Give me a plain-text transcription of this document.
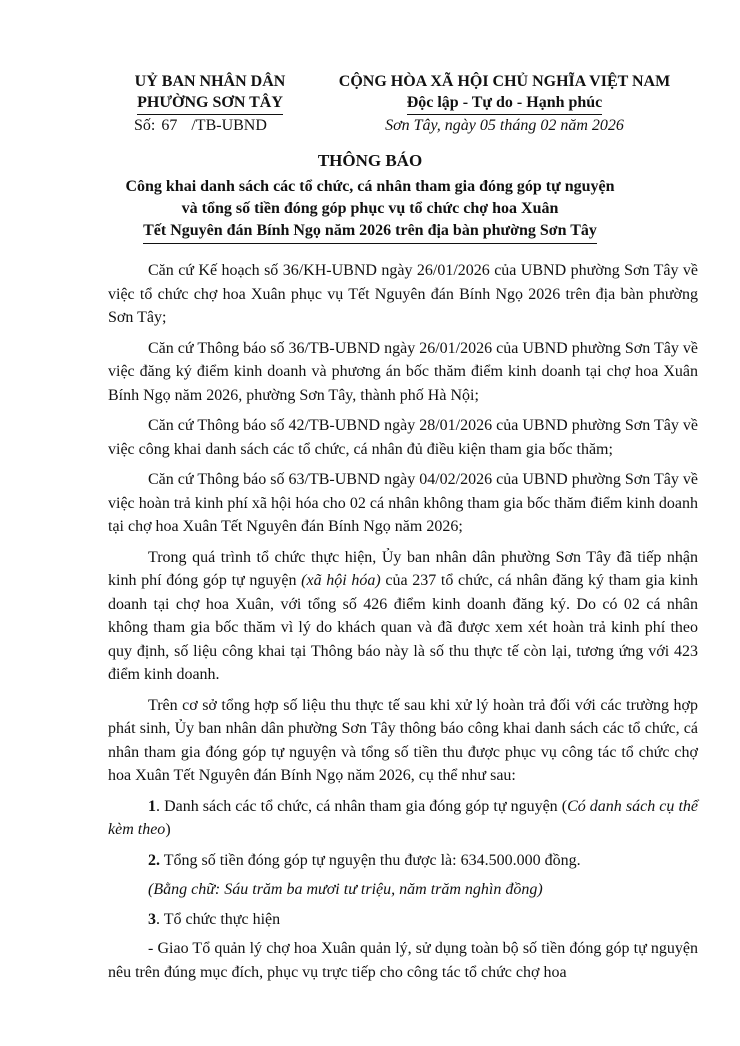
UỶ BAN NHÂN DÂN
PHƯỜNG SƠN TÂY
Số: 67 /TB-UBND
CỘNG HÒA XÃ HỘI CHỦ NGHĨA VIỆT NAM
Độc lập - Tự do - Hạnh phúc
Sơn Tây, ngày 05 tháng 02 năm 2026
THÔNG BÁO
Công khai danh sách các tổ chức, cá nhân tham gia đóng góp tự nguyện
và tổng số tiền đóng góp phục vụ tổ chức chợ hoa Xuân
Tết Nguyên đán Bính Ngọ năm 2026 trên địa bàn phường Sơn Tây

Căn cứ Kế hoạch số 36/KH-UBND ngày 26/01/2026 của UBND phường Sơn Tây về việc tổ chức chợ hoa Xuân phục vụ Tết Nguyên đán Bính Ngọ 2026 trên địa bàn phường Sơn Tây;

Căn cứ Thông báo số 36/TB-UBND ngày 26/01/2026 của UBND phường Sơn Tây về việc đăng ký điểm kinh doanh và phương án bốc thăm điểm kinh doanh tại chợ hoa Xuân Bính Ngọ năm 2026, phường Sơn Tây, thành phố Hà Nội;

Căn cứ Thông báo số 42/TB-UBND ngày 28/01/2026 của UBND phường Sơn Tây về việc công khai danh sách các tổ chức, cá nhân đủ điều kiện tham gia bốc thăm;

Căn cứ Thông báo số 63/TB-UBND ngày 04/02/2026 của UBND phường Sơn Tây về việc hoàn trả kinh phí xã hội hóa cho 02 cá nhân không tham gia bốc thăm điểm kinh doanh tại chợ hoa Xuân Tết Nguyên đán Bính Ngọ năm 2026;

Trong quá trình tổ chức thực hiện, Ủy ban nhân dân phường Sơn Tây đã tiếp nhận kinh phí đóng góp tự nguyện (xã hội hóa) của 237 tổ chức, cá nhân đăng ký tham gia kinh doanh tại chợ hoa Xuân, với tổng số 426 điểm kinh doanh đăng ký. Do có 02 cá nhân không tham gia bốc thăm vì lý do khách quan và đã được xem xét hoàn trả kinh phí theo quy định, số liệu công khai tại Thông báo này là số thu thực tế còn lại, tương ứng với 423 điểm kinh doanh.

Trên cơ sở tổng hợp số liệu thu thực tế sau khi xử lý hoàn trả đối với các trường hợp phát sinh, Ủy ban nhân dân phường Sơn Tây thông báo công khai danh sách các tổ chức, cá nhân tham gia đóng góp tự nguyện và tổng số tiền thu được phục vụ công tác tổ chức chợ hoa Xuân Tết Nguyên đán Bính Ngọ năm 2026, cụ thể như sau:

1. Danh sách các tổ chức, cá nhân tham gia đóng góp tự nguyện (Có danh sách cụ thể kèm theo)

2. Tổng số tiền đóng góp tự nguyện thu được là: 634.500.000 đồng.

(Bằng chữ: Sáu trăm ba mươi tư triệu, năm trăm nghìn đồng)

3. Tổ chức thực hiện

- Giao Tổ quản lý chợ hoa Xuân quản lý, sử dụng toàn bộ số tiền đóng góp tự nguyện nêu trên đúng mục đích, phục vụ trực tiếp cho công tác tổ chức chợ hoa
